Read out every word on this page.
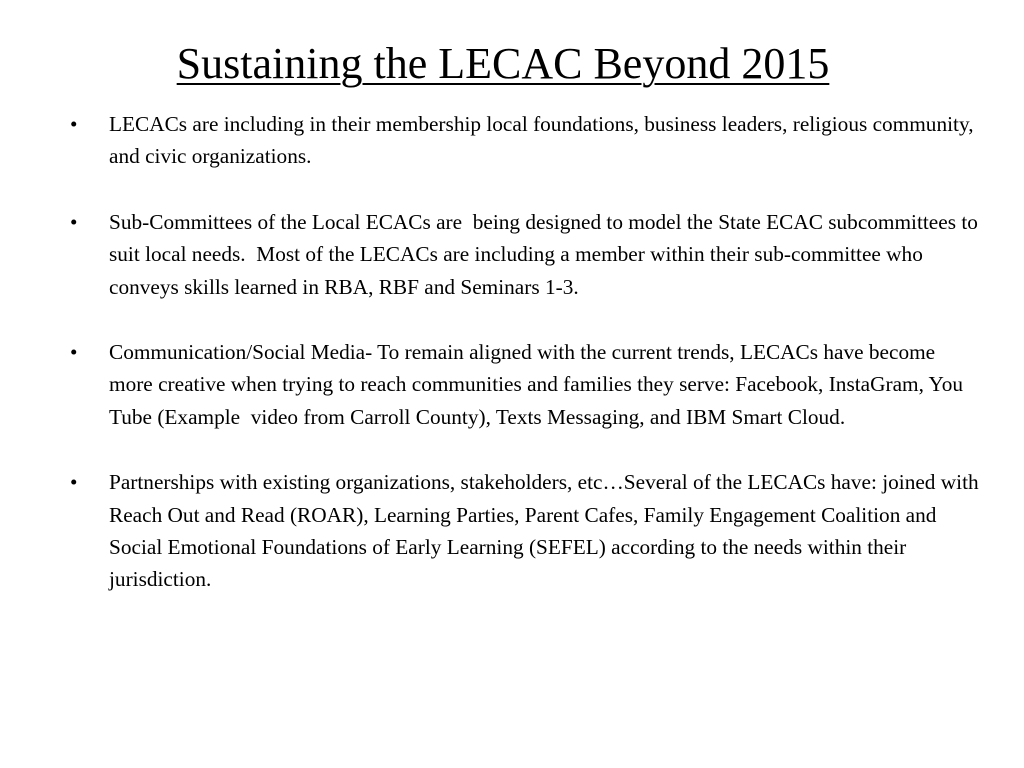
Sustaining the LECAC Beyond 2015
•	LECACs are including in their membership local foundations, business leaders, religious community, and civic organizations.
•	Sub-Committees of the Local ECACs are  being designed to model the State ECAC subcommittees to suit local needs.  Most of the LECACs are including a member within their sub-committee who conveys skills learned in RBA, RBF and Seminars 1-3.
•	Communication/Social Media- To remain aligned with the current trends, LECACs have become more creative when trying to reach communities and families they serve: Facebook, InstaGram, You Tube (Example  video from Carroll County), Texts Messaging, and IBM Smart Cloud.
•	Partnerships with existing organizations, stakeholders, etc…Several of the LECACs have: joined with Reach Out and Read (ROAR), Learning Parties, Parent Cafes, Family Engagement Coalition and Social Emotional Foundations of Early Learning (SEFEL) according to the needs within their jurisdiction.
